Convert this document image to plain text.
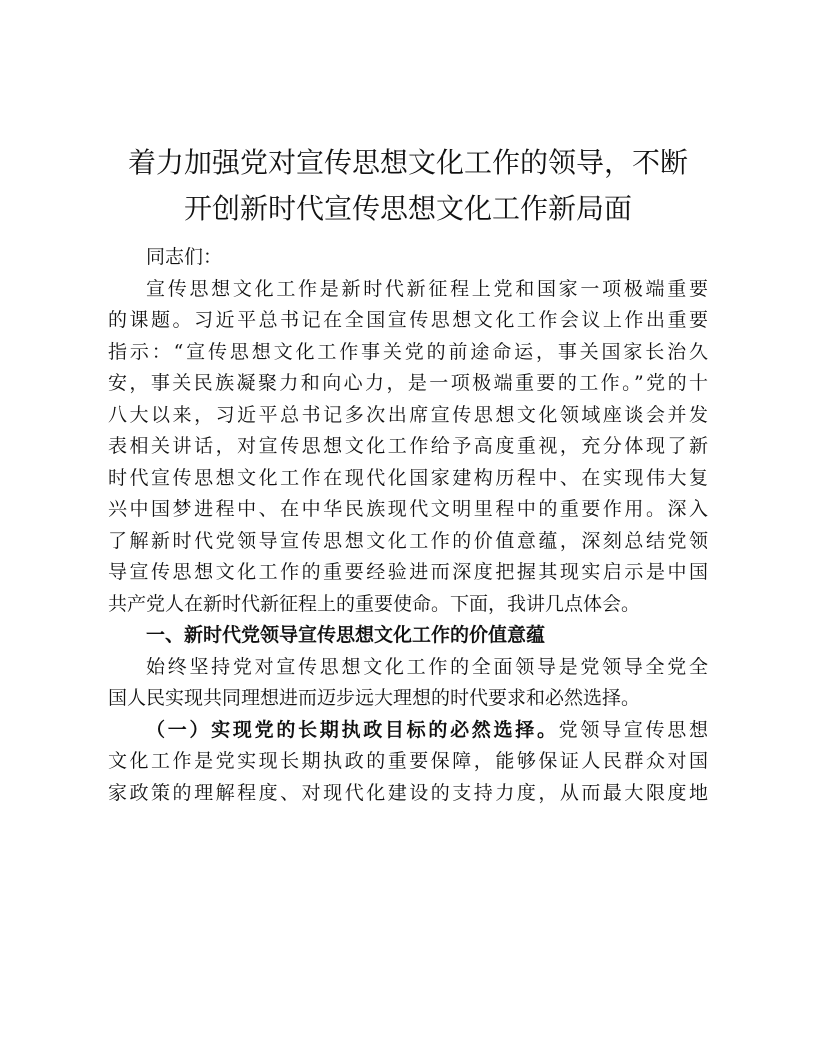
着力加强党对宣传思想文化工作的领导，不断
开创新时代宣传思想文化工作新局面
同志们：
宣传思想文化工作是新时代新征程上党和国家一项极端重要
的课题。习近平总书记在全国宣传思想文化工作会议上作出重要
指示：“宣传思想文化工作事关党的前途命运，事关国家长治久
安，事关民族凝聚力和向心力，是一项极端重要的工作。”党的十
八大以来，习近平总书记多次出席宣传思想文化领域座谈会并发
表相关讲话，对宣传思想文化工作给予高度重视，充分体现了新
时代宣传思想文化工作在现代化国家建构历程中、在实现伟大复
兴中国梦进程中、在中华民族现代文明里程中的重要作用。深入
了解新时代党领导宣传思想文化工作的价值意蕴，深刻总结党领
导宣传思想文化工作的重要经验进而深度把握其现实启示是中国
共产党人在新时代新征程上的重要使命。下面，我讲几点体会。
一、新时代党领导宣传思想文化工作的价值意蕴
始终坚持党对宣传思想文化工作的全面领导是党领导全党全
国人民实现共同理想进而迈步远大理想的时代要求和必然选择。
（一）实现党的长期执政目标的必然选择。党领导宣传思想
文化工作是党实现长期执政的重要保障，能够保证人民群众对国
家政策的理解程度、对现代化建设的支持力度，从而最大限度地
